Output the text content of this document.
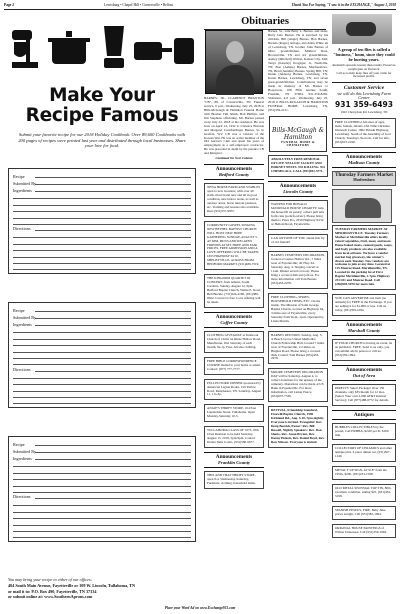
Page 2	Lewisburg • Chapel Hill • Cornersville • Belfast	Thank You For Saying, "I saw it in the EXCHANGE," August 1, 2018
Make Your
Recipe Famous
Submit your favorite recipe for our 2018 Holiday Cookbook. Over 89,600 Cookbooks with 200 pages of recipes were printed last year and distributed through local businesses. Share your love for food.
Recipe
Submitted By
Ingredients
Directions
Recipe
Submitted By
Ingredients
Directions
Recipe
Submitted By
Ingredients
Directions
You may bring your recipe to either of our offices:
404 South Main Avenue, Fayetteville or 109 W. Lincoln, Tullahoma, TN
or mail it to: P.O. Box 490, Fayetteville, TN 37334
or submit online at: www.SouthernAprons.com
Obituaries
BARNES, JR., CLARENCE BRAXTON "CB", 88, of Cornersville, TN. Funeral service, 6 p.m., Wednesday, July 25, 2018 at Bills-McGaugh & Hamilton Funeral Home with Brother Tim Smith, Bob Phillips, and Jim Stephens officiating. Mr. Barnes passed away July 22, 2018 at his residence. He was born on April 14, 1932 to Clarence Braxton and Margaret Crutcherlinger Barnes, Sr. in Grafton, WV. CB was a veteran of the Korean War. He was an active member of the Old Gerton's Club and spent his years of employment as a self-employed contractor. He was preceded in death by his parents; CB and Margaret.
Continued On Next Column
Announcements
Bedford County
XENA HORSE FARM AND STABLES open to new boarders, with over 40 stalls, most brand new and all in good condition, new indoor arena, as well as outdoor arena, horse turnout pastures, etc. Training and lessons also available. Rees (931)557-9937.
COMMUNITY GOSPEL SINGING NEW BETHEL BAPTIST CHURCH WILL HOST NEW HOPE GATHERING SUNDAY, AUGUST 5, AT 6PM. BUNS AND RELATED FRIENDS AT MT. HOPE AND FAIR PRICES. FREE ADMISSION AND A LOVE OFFERING WILL BE TAKEN. 1655 HIGHWAY 64 W., SHELBYVILLE. ACROSS FROM BEDFORD MARKET. (931)489-7519.
THE KINGDOM QUARTET IN CONCERT, from Athens, South Carolina. Sunday, August 12, 6pm. Bedford Baptist Church, Wattle E. Road, Bell Buckle. (731)224-4166, (931)389-0562. Concert is free. Love offering will be taken.
Announcements
Coffee County
CLOTHING GIVEAWAY at Tenbrook Church of Christ on Rinse Hollow Road, Manchester, first Saturday of each month, 9a-1p. Free. All size clothing.
FREE BIBLE CORRESPONDENCE COURSE mailed to your home or email. Contact: (877) 777-7777.
PULLED PORK DINNER sponsored by American Legion Rodes. 159 Yellow Road, Manchester, TN. Saturday, August 11, 11a-3p.
ANGIE'S THRIFT STORE, 104 East Lauderdale Street, Tullahoma. Open Monday-Saturday 10-5.
TULLAHOMA CLASS OF 1973, 45th Class Reunion to be held Saturday, August 15, 2018, 5pm-9pm. Contact Donna Sims Coatts, (931)580-9677.
Announcements
Franklin County
THIS AND THAT THRIFT STORE, open 9-4. Wednesday-Saturday, Furniture, clothing, household items.
Barnes, Sr., wife Betty L. Barnes, and sister, Betty Jane Barnes. He is survived by his children, Bill (Angie) Barnes, Bob Barnes, Brenda (Roger) Arriaga, and Allen White all of Lewisburg, TN, brother John Barnes of Ohio; grandchildren, Mildred Doss, Brownsville, TN and six grandchildren, Ashley (Mitchell) Walton, Kansas City, MO; Tanya (Kaseley) Krogsger, Jr., Nashville, TN; Bon (Ashlee) Barnes, Murfreesboro, TN, Brad (Jennifer) Barnes, Spring Hill, TN; Derek (Jaideen) Barnes, Lewisburg, TN, Karen Barnes, Lewisburg, TN; and seven great-grandchildren. Contributions may be made in memory of Mr. Barnes to Hospiceon, 108 Fifth Avenue South, Franklin, TN 37064. 931-359-8202. Visitation, 4-6 p.m., Wednesday, July 25, 2018 at BILLS-McGAUGH & HAMILTON FUNERAL HOME, Lewisburg, TN, (931)359-2121.
Bills-McGaugh & Hamilton
FUNERAL HOME & CREMATORY
ABSOLUTELY FREE REMOVAL OF LIVE YELLOW JACKET AND HORNET NESTS. NO KILLING. NO CHEMICALS. CALL (931)691-5771.
Announcements
Lincoln County
WANTED FOR BONALD McDONALD HOUSE CHARITY: help the house fill its pantry; collect pull tabs from cans (soda/food/etc). Please bring them to Pizza Pro, 2250 Highway 64 W. or Heiloid Road, Fayetteville.
CAN ANYONE OF YOU attend fish fry of old friends?
BARNES CEMETERY DECORATION, located at Garner Hollow Rd., 7 miles west of Fayetteville; off Hwy 64. Saturday, Aug. 4. Singing concert at 11am. Dinner served at noon. Please bring a covered dish and join us. For more information call Tom Barnes (931)433-2478.
FREE CLOTHING, SHOES, HOUSEHOLD ITEMS, ETC. On the inside. The Mission of Saint George Baptist Church, located on Highway 64, 3 miles east of Fayetteville, every Saturday from 9a.m.-1p.m. Operated by Linda Martin.
BARNES REUNION, Sunday, Aug. 5, at Beech Grove United Methodist Church Fellowship Hall, located 7 miles west of Fayetteville, 1/2 miles on Hughes Road. Please bring a covered dish. Contact Tom Barnes (931)433-2478.
MOORE CEMETERY DECORATION DAY will be Saturday, August 4, to collect donations for the upkeep of the cemetery. Donations can be made at US Bank in Fayetteville. For more information, call Lamar Pierce (931)637-7536.
REVIVAL, Friendship Standard, Freewill Baptist Church, 1590 Kirkland Rd., Aug. 5-10, 7pm nightly. Everyone is invited. Evangelist: Rev. Doug Boeckh, Pastor: Rev. Bill Russell, Nightly Speakers: Rev. Don Shotts, Rev. Jason Bryant, Rev. Danny Pickett, Rev. Daniel Boyd, Rev. Ron Nilsson. Everyone is invited.
A group of ten flies is called a "business," hmm, since they could be hurting yours.
Rosinski's spreads Greater than results; Preserves weight gain on livestock.
Call us to help keep flies off your cattle for increased profits.
Customer Service
we will do this Lewisburg Farm Center
931 359-6493
1922 Cherrydale Rd. Lewisburg, TN
FREE CLOTHING! All sizes of ages, male, female, infants. Old Time Christian Outreach Center, 1902 Pulaski Highway, Lewisburg. South of the Assembly of God Church, Tuesdays, 9a-noon, Call for info, (931)615-2226.
Announcements
Madison County
Thursday Farmers Market
Murfreesboro
TUESDAY FARMERS MARKET AT MERIDIANVILLE. Tuesday Farmers Market at Meridianville offers locally raised vegetables, fruit, meat, and more. Home baked treats, canned goods, soaps, and body products are also available from local artisans. We have a vendor market bag giveaway, the winner's drawn each Tuesday. New vendors are welcome to join at any time. Located at 115 Monroe Road. Meridianville, TN. Located in the parking lot of First Baptist Meridianville, 2-7pm. Highway 231/431 and Monroe Road. Call (256)828-5070 for more info.
YOU CAN ADVERTISE one item (no animals) for FREE in the Exchange. If you are selling it for $1,000 or less. Call us today, (931)359-1094.
Announcements
Marshall County
IF YOUR CHURCH is having an event, let us publish it. FREE. Send to us only, you can submit ads in person or call us: (931)359-1094.
Announcements
Out of Area
DIRECTV Select Package! Over 150 channels, only $35/month for 12 mos. (Select Your own 2,000 AT&T Internet Service); Call (877)488-6772 for details.
Antiques
BUBBLES COLLECTIBLES by the pound, Call HUBBA, $2.00 per lb. $100 min.
COLLECTORS OF CERAMICS and other antique pins. 4 piece dinner set, (931)307-1140.
METAL T UP SIGN, 42"x18" from the 1950s, $200, (931)233-1598.
OLD METAL SPONSIAL TOP TIN, 80lb, excellent condition, asking $25, (931)434-5198.
SPANISH PESEUS, FIRE, Baby Juke prices tonight, Call (931)585-1094.
ORIGINAL HOUSE PAINTINGS of Wilton Tennessee. Call (931)359-1094.
Place your Word Ad on www.Exchange931.com
